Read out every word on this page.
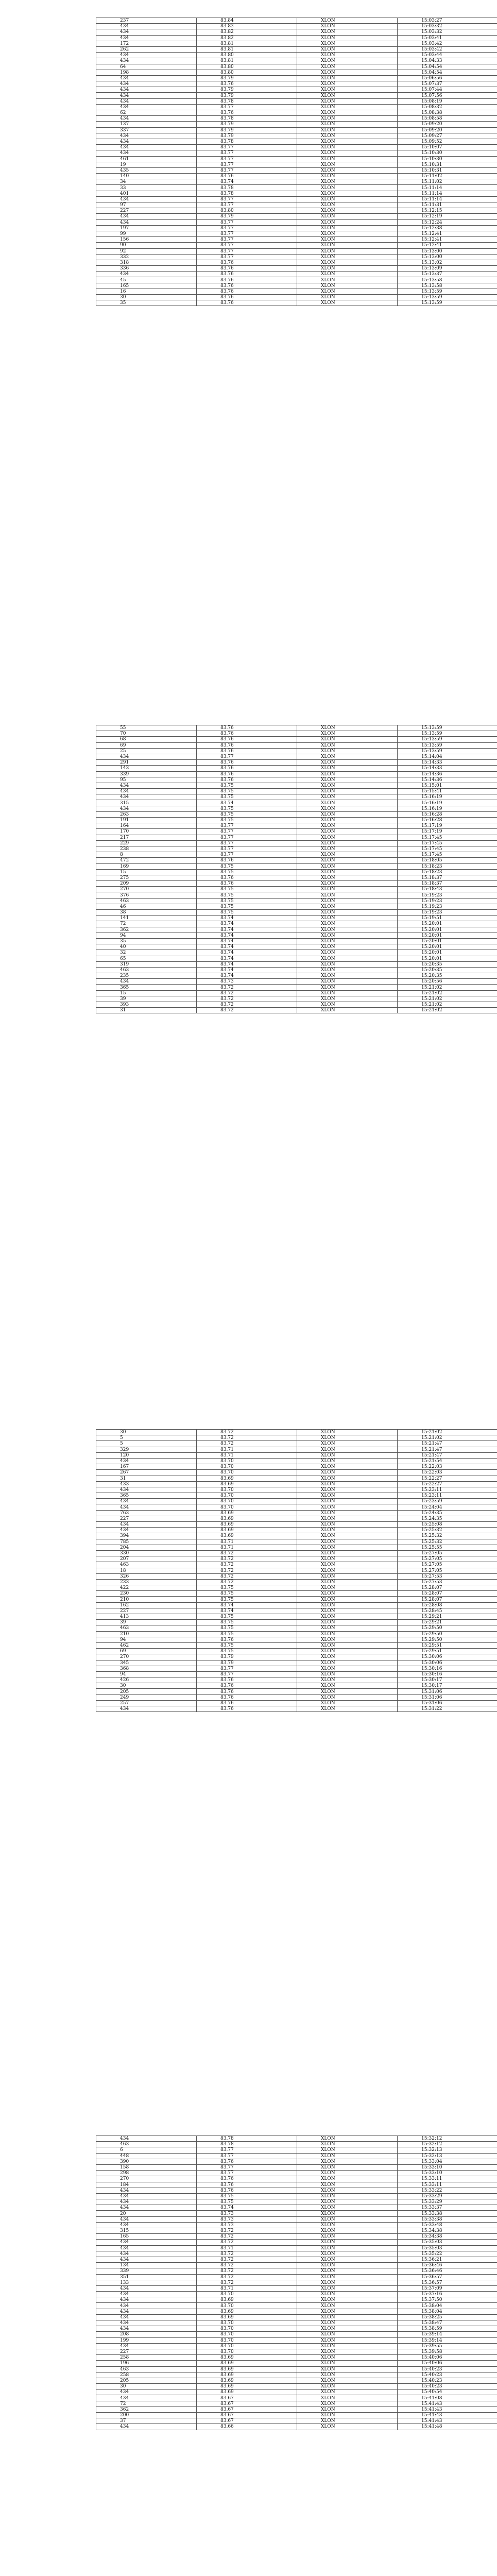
237	83.84	XLON	15:03:27
434	83.83	XLON	15:03:32
434	83.82	XLON	15:03:32
434	83.82	XLON	15:03:41
172	83.81	XLON	15:03:42
262	83.81	XLON	15:03:42
434	83.80	XLON	15:03:44
434	83.81	XLON	15:04:33
64	83.80	XLON	15:04:54
198	83.80	XLON	15:04:54
434	83.79	XLON	15:06:56
434	83.76	XLON	15:07:37
434	83.79	XLON	15:07:44
434	83.79	XLON	15:07:56
434	83.78	XLON	15:08:19
434	83.77	XLON	15:08:32
62	83.76	XLON	15:08:38
434	83.78	XLON	15:08:58
137	83.79	XLON	15:09:20
337	83.79	XLON	15:09:20
434	83.79	XLON	15:09:27
434	83.78	XLON	15:09:52
434	83.77	XLON	15:10:07
434	83.77	XLON	15:10:30
461	83.77	XLON	15:10:30
19	83.77	XLON	15:10:31
435	83.77	XLON	15:10:31
140	83.76	XLON	15:11:02
34	83.74	XLON	15:11:02
33	83.78	XLON	15:11:14
401	83.78	XLON	15:11:14
434	83.77	XLON	15:11:14
97	83.77	XLON	15:11:31
227	83.80	XLON	15:12:15
434	83.79	XLON	15:12:19
434	83.77	XLON	15:12:24
197	83.77	XLON	15:12:38
99	83.77	XLON	15:12:41
156	83.77	XLON	15:12:41
90	83.77	XLON	15:12:41
92	83.77	XLON	15:13:00
332	83.77	XLON	15:13:00
318	83.76	XLON	15:13:02
336	83.76	XLON	15:13:09
434	83.76	XLON	15:13:37
45	83.76	XLON	15:13:58
165	83.76	XLON	15:13:58
16	83.76	XLON	15:13:59
30	83.76	XLON	15:13:59
35	83.76	XLON	15:13:59
55	83.76	XLON	15:13:59
70	83.76	XLON	15:13:59
68	83.76	XLON	15:13:59
69	83.76	XLON	15:13:59
25	83.76	XLON	15:13:59
434	83.77	XLON	15:14:04
291	83.76	XLON	15:14:33
143	83.76	XLON	15:14:33
339	83.76	XLON	15:14:36
95	83.76	XLON	15:14:36
434	83.75	XLON	15:15:01
434	83.75	XLON	15:15:41
434	83.75	XLON	15:16:19
315	83.74	XLON	15:16:19
434	83.75	XLON	15:16:19
263	83.75	XLON	15:16:28
191	83.75	XLON	15:16:28
164	83.77	XLON	15:17:19
170	83.77	XLON	15:17:19
217	83.77	XLON	15:17:45
229	83.77	XLON	15:17:45
238	83.77	XLON	15:17:45
8	83.77	XLON	15:17:45
472	83.76	XLON	15:18:05
169	83.75	XLON	15:18:23
15	83.75	XLON	15:18:23
275	83.76	XLON	15:18:37
209	83.76	XLON	15:18:37
270	83.75	XLON	15:18:43
376	83.75	XLON	15:19:23
463	83.75	XLON	15:19:23
46	83.75	XLON	15:19:23
38	83.75	XLON	15:19:23
141	83.74	XLON	15:19:51
72	83.74	XLON	15:20:01
362	83.74	XLON	15:20:01
94	83.74	XLON	15:20:01
35	83.74	XLON	15:20:01
40	83.74	XLON	15:20:01
32	83.74	XLON	15:20:01
65	83.74	XLON	15:20:01
319	83.74	XLON	15:20:35
463	83.74	XLON	15:20:35
235	83.74	XLON	15:20:35
434	83.73	XLON	15:20:56
365	83.72	XLON	15:21:02
15	83.72	XLON	15:21:02
39	83.72	XLON	15:21:02
393	83.72	XLON	15:21:02
31	83.72	XLON	15:21:02
30	83.72	XLON	15:21:02
5	83.72	XLON	15:21:02
5	83.72	XLON	15:21:47
329	83.71	XLON	15:21:47
120	83.71	XLON	15:21:47
434	83.70	XLON	15:21:54
167	83.70	XLON	15:22:03
267	83.70	XLON	15:22:03
31	83.69	XLON	15:22:27
433	83.69	XLON	15:22:27
434	83.70	XLON	15:23:11
365	83.70	XLON	15:23:11
434	83.70	XLON	15:23:59
434	83.70	XLON	15:24:04
763	83.69	XLON	15:24:35
227	83.69	XLON	15:24:35
434	83.69	XLON	15:25:08
434	83.69	XLON	15:25:32
394	83.69	XLON	15:25:32
785	83.71	XLON	15:25:32
204	83.71	XLON	15:25:55
330	83.72	XLON	15:27:05
207	83.72	XLON	15:27:05
463	83.72	XLON	15:27:05
18	83.72	XLON	15:27:05
326	83.72	XLON	15:27:53
233	83.72	XLON	15:27:53
422	83.75	XLON	15:28:07
230	83.75	XLON	15:28:07
210	83.75	XLON	15:28:07
162	83.74	XLON	15:28:08
227	83.74	XLON	15:28:45
413	83.75	XLON	15:29:21
39	83.75	XLON	15:29:21
463	83.75	XLON	15:29:50
210	83.75	XLON	15:29:50
94	83.76	XLON	15:29:50
462	83.75	XLON	15:29:51
69	83.75	XLON	15:29:51
270	83.79	XLON	15:30:06
345	83.79	XLON	15:30:06
368	83.77	XLON	15:30:16
94	83.77	XLON	15:30:16
426	83.76	XLON	15:30:17
30	83.76	XLON	15:30:17
205	83.76	XLON	15:31:06
249	83.76	XLON	15:31:06
257	83.76	XLON	15:31:06
434	83.76	XLON	15:31:22
434	83.78	XLON	15:32:12
463	83.78	XLON	15:32:12
6	83.77	XLON	15:32:13
448	83.77	XLON	15:32:13
390	83.76	XLON	15:33:04
158	83.77	XLON	15:33:10
298	83.77	XLON	15:33:10
270	83.76	XLON	15:33:11
184	83.76	XLON	15:33:11
434	83.76	XLON	15:33:22
434	83.75	XLON	15:33:29
434	83.75	XLON	15:33:29
434	83.74	XLON	15:33:37
20	83.73	XLON	15:33:38
434	83.73	XLON	15:33:38
434	83.73	XLON	15:33:48
315	83.72	XLON	15:34:38
165	83.72	XLON	15:34:38
434	83.72	XLON	15:35:03
434	83.71	XLON	15:35:03
434	83.72	XLON	15:35:22
434	83.72	XLON	15:36:21
134	83.72	XLON	15:36:46
339	83.72	XLON	15:36:46
351	83.72	XLON	15:36:57
133	83.72	XLON	15:36:57
434	83.71	XLON	15:37:09
434	83.70	XLON	15:37:16
434	83.69	XLON	15:37:50
434	83.70	XLON	15:38:04
434	83.69	XLON	15:38:04
434	83.69	XLON	15:38:25
434	83.70	XLON	15:38:47
434	83.70	XLON	15:38:59
208	83.70	XLON	15:39:14
199	83.70	XLON	15:39:14
434	83.70	XLON	15:39:55
227	83.70	XLON	15:39:58
258	83.69	XLON	15:40:06
196	83.69	XLON	15:40:06
463	83.69	XLON	15:40:23
258	83.69	XLON	15:40:23
205	83.69	XLON	15:40:23
30	83.69	XLON	15:40:23
434	83.69	XLON	15:40:54
434	83.67	XLON	15:41:08
72	83.67	XLON	15:41:43
362	83.67	XLON	15:41:43
200	83.67	XLON	15:41:43
37	83.67	XLON	15:41:43
434	83.66	XLON	15:41:48
